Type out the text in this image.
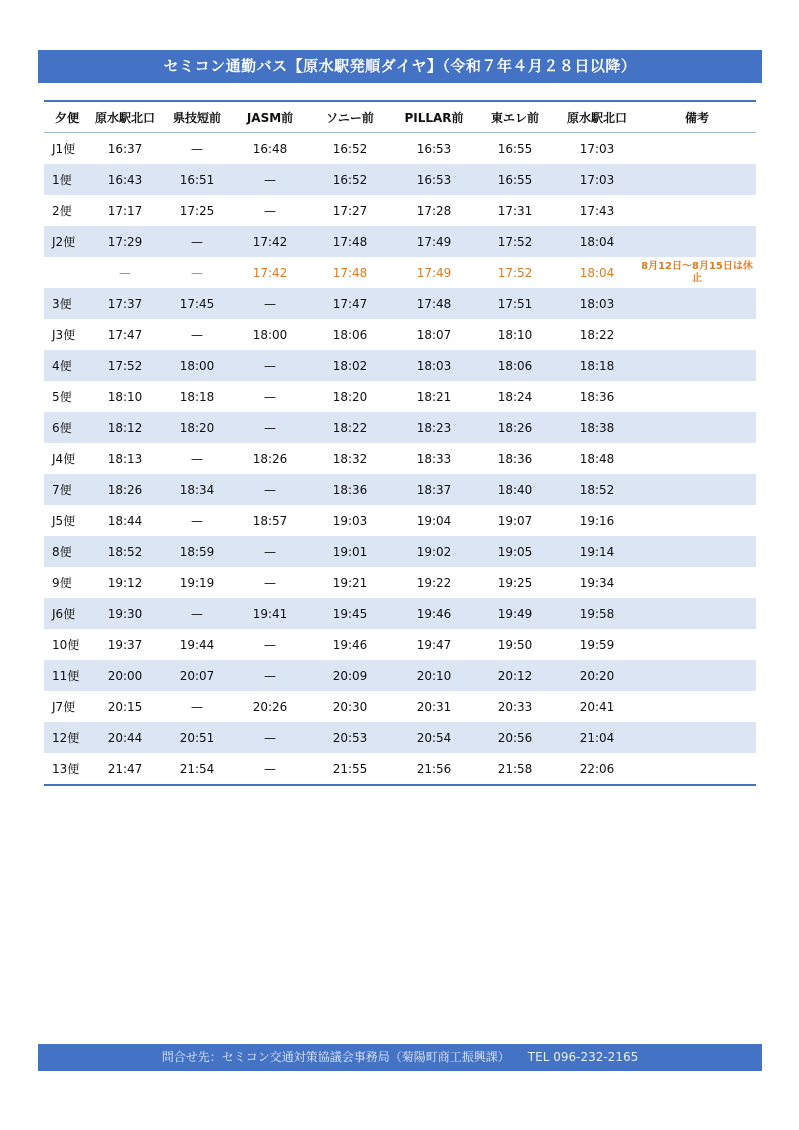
セミコン通勤バス【原水駅発順ダイヤ】（令和７年４月２８日以降）
夕便	原水駅北口	県技短前	JASM前	ソニー前	PILLAR前	東エレ前	原水駅北口	備考
J1便	16:37	—	16:48	16:52	16:53	16:55	17:03	
1便	16:43	16:51	—	16:52	16:53	16:55	17:03	
2便	17:17	17:25	—	17:27	17:28	17:31	17:43	
J2便	17:29	—	17:42	17:48	17:49	17:52	18:04	
	—	—	17:42	17:48	17:49	17:52	18:04	8月12日～8月15日は休止
3便	17:37	17:45	—	17:47	17:48	17:51	18:03	
J3便	17:47	—	18:00	18:06	18:07	18:10	18:22	
4便	17:52	18:00	—	18:02	18:03	18:06	18:18	
5便	18:10	18:18	—	18:20	18:21	18:24	18:36	
6便	18:12	18:20	—	18:22	18:23	18:26	18:38	
J4便	18:13	—	18:26	18:32	18:33	18:36	18:48	
7便	18:26	18:34	—	18:36	18:37	18:40	18:52	
J5便	18:44	—	18:57	19:03	19:04	19:07	19:16	
8便	18:52	18:59	—	19:01	19:02	19:05	19:14	
9便	19:12	19:19	—	19:21	19:22	19:25	19:34	
J6便	19:30	—	19:41	19:45	19:46	19:49	19:58	
10便	19:37	19:44	—	19:46	19:47	19:50	19:59	
11便	20:00	20:07	—	20:09	20:10	20:12	20:20	
J7便	20:15	—	20:26	20:30	20:31	20:33	20:41	
12便	20:44	20:51	—	20:53	20:54	20:56	21:04	
13便	21:47	21:54	—	21:55	21:56	21:58	22:06	
問合せ先：セミコン交通対策協議会事務局（菊陽町商工振興課） TEL 096-232-2165
